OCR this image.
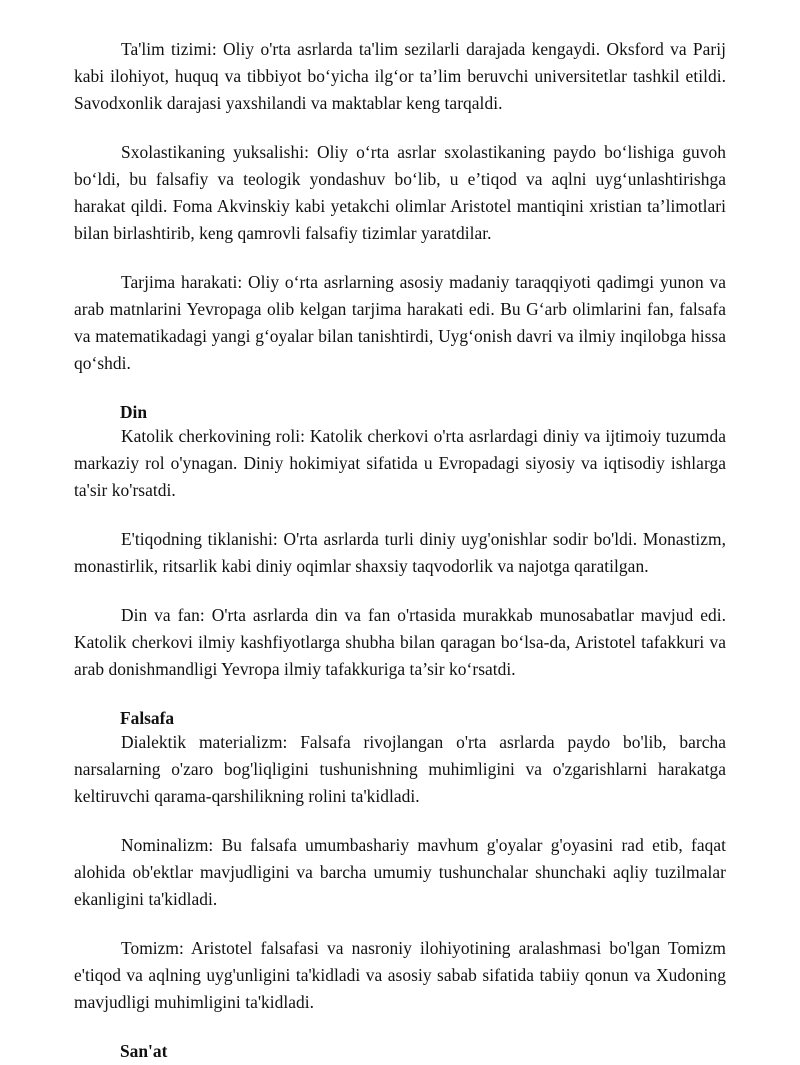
Ta'lim tizimi: Oliy o'rta asrlarda ta'lim sezilarli darajada kengaydi. Oksford va Parij kabi ilohiyot, huquq va tibbiyot bo‘yicha ilg‘or ta’lim beruvchi universitetlar tashkil etildi. Savodxonlik darajasi yaxshilandi va maktablar keng tarqaldi.

Sxolastikaning yuksalishi: Oliy o‘rta asrlar sxolastikaning paydo bo‘lishiga guvoh bo‘ldi, bu falsafiy va teologik yondashuv bo‘lib, u e’tiqod va aqlni uyg‘unlashtirishga harakat qildi. Foma Akvinskiy kabi yetakchi olimlar Aristotel mantiqini xristian ta’limotlari bilan birlashtirib, keng qamrovli falsafiy tizimlar yaratdilar.

Tarjima harakati: Oliy o‘rta asrlarning asosiy madaniy taraqqiyoti qadimgi yunon va arab matnlarini Yevropaga olib kelgan tarjima harakati edi. Bu G‘arb olimlarini fan, falsafa va matematikadagi yangi g‘oyalar bilan tanishtirdi, Uyg‘onish davri va ilmiy inqilobga hissa qo‘shdi.

Din

Katolik cherkovining roli: Katolik cherkovi o'rta asrlardagi diniy va ijtimoiy tuzumda markaziy rol o'ynagan. Diniy hokimiyat sifatida u Evropadagi siyosiy va iqtisodiy ishlarga ta'sir ko'rsatdi.

E'tiqodning tiklanishi: O'rta asrlarda turli diniy uyg'onishlar sodir bo'ldi. Monastizm, monastirlik, ritsarlik kabi diniy oqimlar shaxsiy taqvodorlik va najotga qaratilgan.

Din va fan: O'rta asrlarda din va fan o'rtasida murakkab munosabatlar mavjud edi. Katolik cherkovi ilmiy kashfiyotlarga shubha bilan qaragan bo‘lsa-da, Aristotel tafakkuri va arab donishmandligi Yevropa ilmiy tafakkuriga ta’sir ko‘rsatdi.

Falsafa

Dialektik materializm: Falsafa rivojlangan o'rta asrlarda paydo bo'lib, barcha narsalarning o'zaro bog'liqligini tushunishning muhimligini va o'zgarishlarni harakatga keltiruvchi qarama-qarshilikning rolini ta'kidladi.

Nominalizm: Bu falsafa umumbashariy mavhum g'oyalar g'oyasini rad etib, faqat alohida ob'ektlar mavjudligini va barcha umumiy tushunchalar shunchaki aqliy tuzilmalar ekanligini ta'kidladi.

Tomizm: Aristotel falsafasi va nasroniy ilohiyotining aralashmasi bo'lgan Tomizm e'tiqod va aqlning uyg'unligini ta'kidladi va asosiy sabab sifatida tabiiy qonun va Xudoning mavjudligi muhimligini ta'kidladi.

San'at
